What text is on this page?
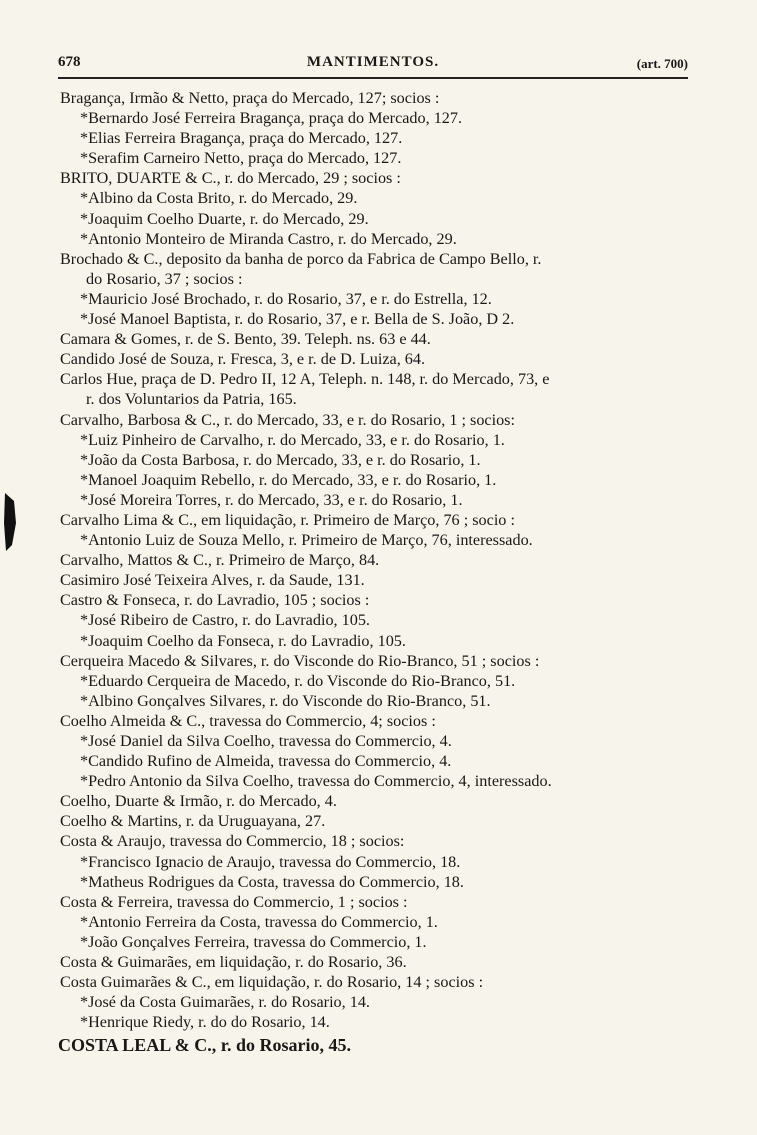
678	MANTIMENTOS.	(art. 700)
Bragança, Irmão & Netto, praça do Mercado, 127; socios :
*Bernardo José Ferreira Bragança, praça do Mercado, 127.
*Elias Ferreira Bragança, praça do Mercado, 127.
*Serafim Carneiro Netto, praça do Mercado, 127.
BRITO, DUARTE & C., r. do Mercado, 29 ; socios :
*Albino da Costa Brito, r. do Mercado, 29.
*Joaquim Coelho Duarte, r. do Mercado, 29.
*Antonio Monteiro de Miranda Castro, r. do Mercado, 29.
Brochado & C., deposito da banha de porco da Fabrica de Campo Bello, r.
do Rosario, 37 ; socios :
*Mauricio José Brochado, r. do Rosario, 37, e r. do Estrella, 12.
*José Manoel Baptista, r. do Rosario, 37, e r. Bella de S. João, D 2.
Camara & Gomes, r. de S. Bento, 39. Teleph. ns. 63 e 44.
Candido José de Souza, r. Fresca, 3, e r. de D. Luiza, 64.
Carlos Hue, praça de D. Pedro II, 12 A, Teleph. n. 148, r. do Mercado, 73, e
r. dos Voluntarios da Patria, 165.
Carvalho, Barbosa & C., r. do Mercado, 33, e r. do Rosario, 1 ; socios:
*Luiz Pinheiro de Carvalho, r. do Mercado, 33, e r. do Rosario, 1.
*João da Costa Barbosa, r. do Mercado, 33, e r. do Rosario, 1.
*Manoel Joaquim Rebello, r. do Mercado, 33, e r. do Rosario, 1.
*José Moreira Torres, r. do Mercado, 33, e r. do Rosario, 1.
Carvalho Lima & C., em liquidação, r. Primeiro de Março, 76 ; socio :
*Antonio Luiz de Souza Mello, r. Primeiro de Março, 76, interessado.
Carvalho, Mattos & C., r. Primeiro de Março, 84.
Casimiro José Teixeira Alves, r. da Saude, 131.
Castro & Fonseca, r. do Lavradio, 105 ; socios :
*José Ribeiro de Castro, r. do Lavradio, 105.
*Joaquim Coelho da Fonseca, r. do Lavradio, 105.
Cerqueira Macedo & Silvares, r. do Visconde do Rio-Branco, 51 ; socios :
*Eduardo Cerqueira de Macedo, r. do Visconde do Rio-Branco, 51.
*Albino Gonçalves Silvares, r. do Visconde do Rio-Branco, 51.
Coelho Almeida & C., travessa do Commercio, 4; socios :
*José Daniel da Silva Coelho, travessa do Commercio, 4.
*Candido Rufino de Almeida, travessa do Commercio, 4.
*Pedro Antonio da Silva Coelho, travessa do Commercio, 4, interessado.
Coelho, Duarte & Irmão, r. do Mercado, 4.
Coelho & Martins, r. da Uruguayana, 27.
Costa & Araujo, travessa do Commercio, 18 ; socios:
*Francisco Ignacio de Araujo, travessa do Commercio, 18.
*Matheus Rodrigues da Costa, travessa do Commercio, 18.
Costa & Ferreira, travessa do Commercio, 1 ; socios :
*Antonio Ferreira da Costa, travessa do Commercio, 1.
*João Gonçalves Ferreira, travessa do Commercio, 1.
Costa & Guimarães, em liquidação, r. do Rosario, 36.
Costa Guimarães & C., em liquidação, r. do Rosario, 14 ; socios :
*José da Costa Guimarães, r. do Rosario, 14.
*Henrique Riedy, r. do do Rosario, 14.
COSTA LEAL & C., r. do Rosario, 45.
